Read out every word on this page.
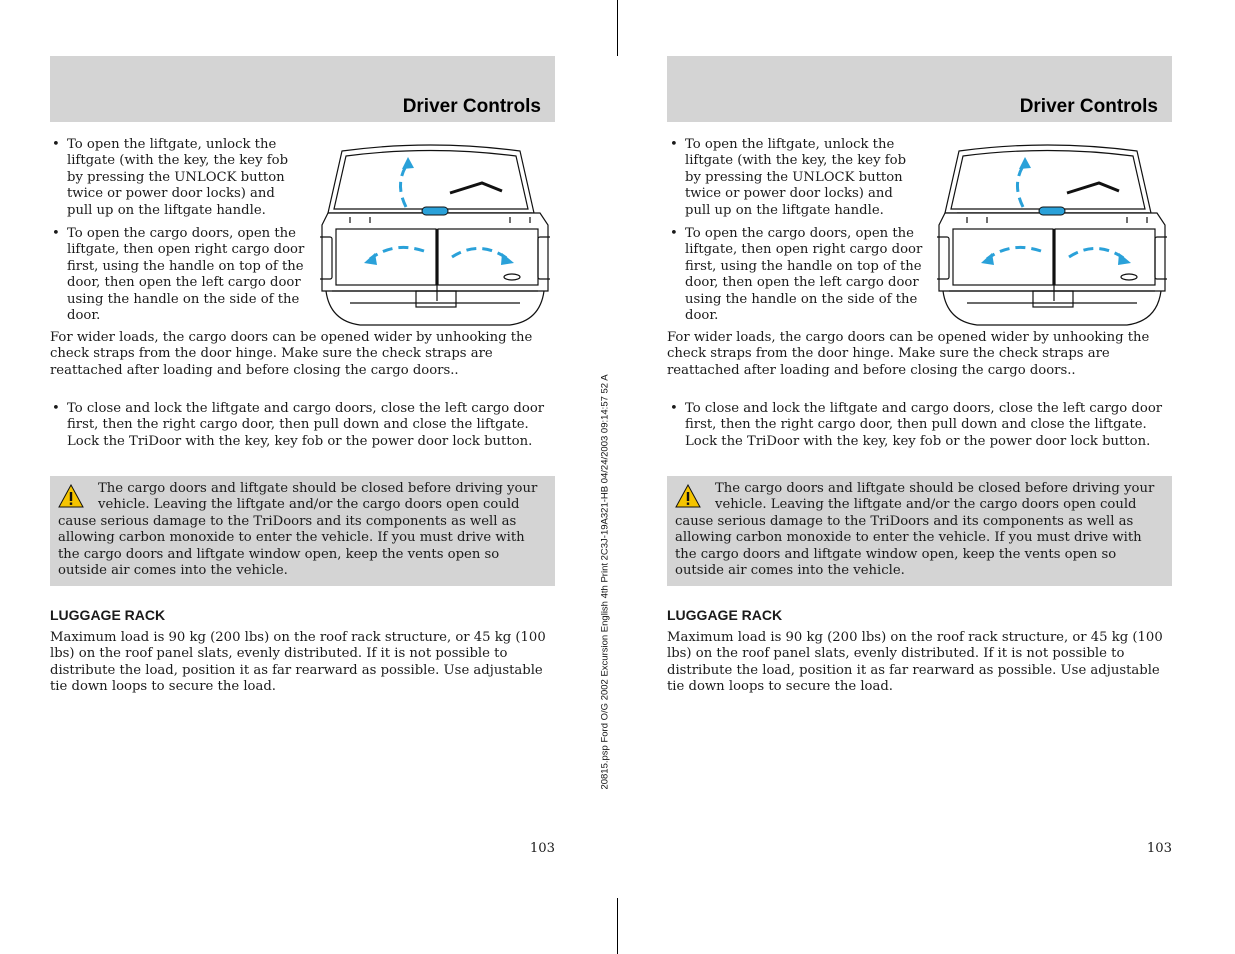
20815.psp Ford O/G 2002 Excursion English 4th Print 2C3J-19A321-HB 04/24/2003 09:14:57 52 A
Driver Controls

• To open the liftgate, unlock the liftgate (with the key, the key fob by pressing the UNLOCK button twice or power door locks) and pull up on the liftgate handle.

• To open the cargo doors, open the liftgate, then open right cargo door first, using the handle on top of the door, then open the left cargo door using the handle on the side of the door.

For wider loads, the cargo doors can be opened wider by unhooking the check straps from the door hinge. Make sure the check straps are reattached after loading and before closing the cargo doors..

• To close and lock the liftgate and cargo doors, close the left cargo door first, then the right cargo door, then pull down and close the liftgate. Lock the TriDoor with the key, key fob or the power door lock button.

The cargo doors and liftgate should be closed before driving your vehicle. Leaving the liftgate and/or the cargo doors open could cause serious damage to the TriDoors and its components as well as allowing carbon monoxide to enter the vehicle. If you must drive with the cargo doors and liftgate window open, keep the vents open so outside air comes into the vehicle.

LUGGAGE RACK

Maximum load is 90 kg (200 lbs) on the roof rack structure, or 45 kg (100 lbs) on the roof panel slats, evenly distributed. If it is not possible to distribute the load, position it as far rearward as possible. Use adjustable tie down loops to secure the load.

103
Driver Controls

• To open the liftgate, unlock the liftgate (with the key, the key fob by pressing the UNLOCK button twice or power door locks) and pull up on the liftgate handle.

• To open the cargo doors, open the liftgate, then open right cargo door first, using the handle on top of the door, then open the left cargo door using the handle on the side of the door.

For wider loads, the cargo doors can be opened wider by unhooking the check straps from the door hinge. Make sure the check straps are reattached after loading and before closing the cargo doors..

• To close and lock the liftgate and cargo doors, close the left cargo door first, then the right cargo door, then pull down and close the liftgate. Lock the TriDoor with the key, key fob or the power door lock button.

The cargo doors and liftgate should be closed before driving your vehicle. Leaving the liftgate and/or the cargo doors open could cause serious damage to the TriDoors and its components as well as allowing carbon monoxide to enter the vehicle. If you must drive with the cargo doors and liftgate window open, keep the vents open so outside air comes into the vehicle.

LUGGAGE RACK

Maximum load is 90 kg (200 lbs) on the roof rack structure, or 45 kg (100 lbs) on the roof panel slats, evenly distributed. If it is not possible to distribute the load, position it as far rearward as possible. Use adjustable tie down loops to secure the load.

103
